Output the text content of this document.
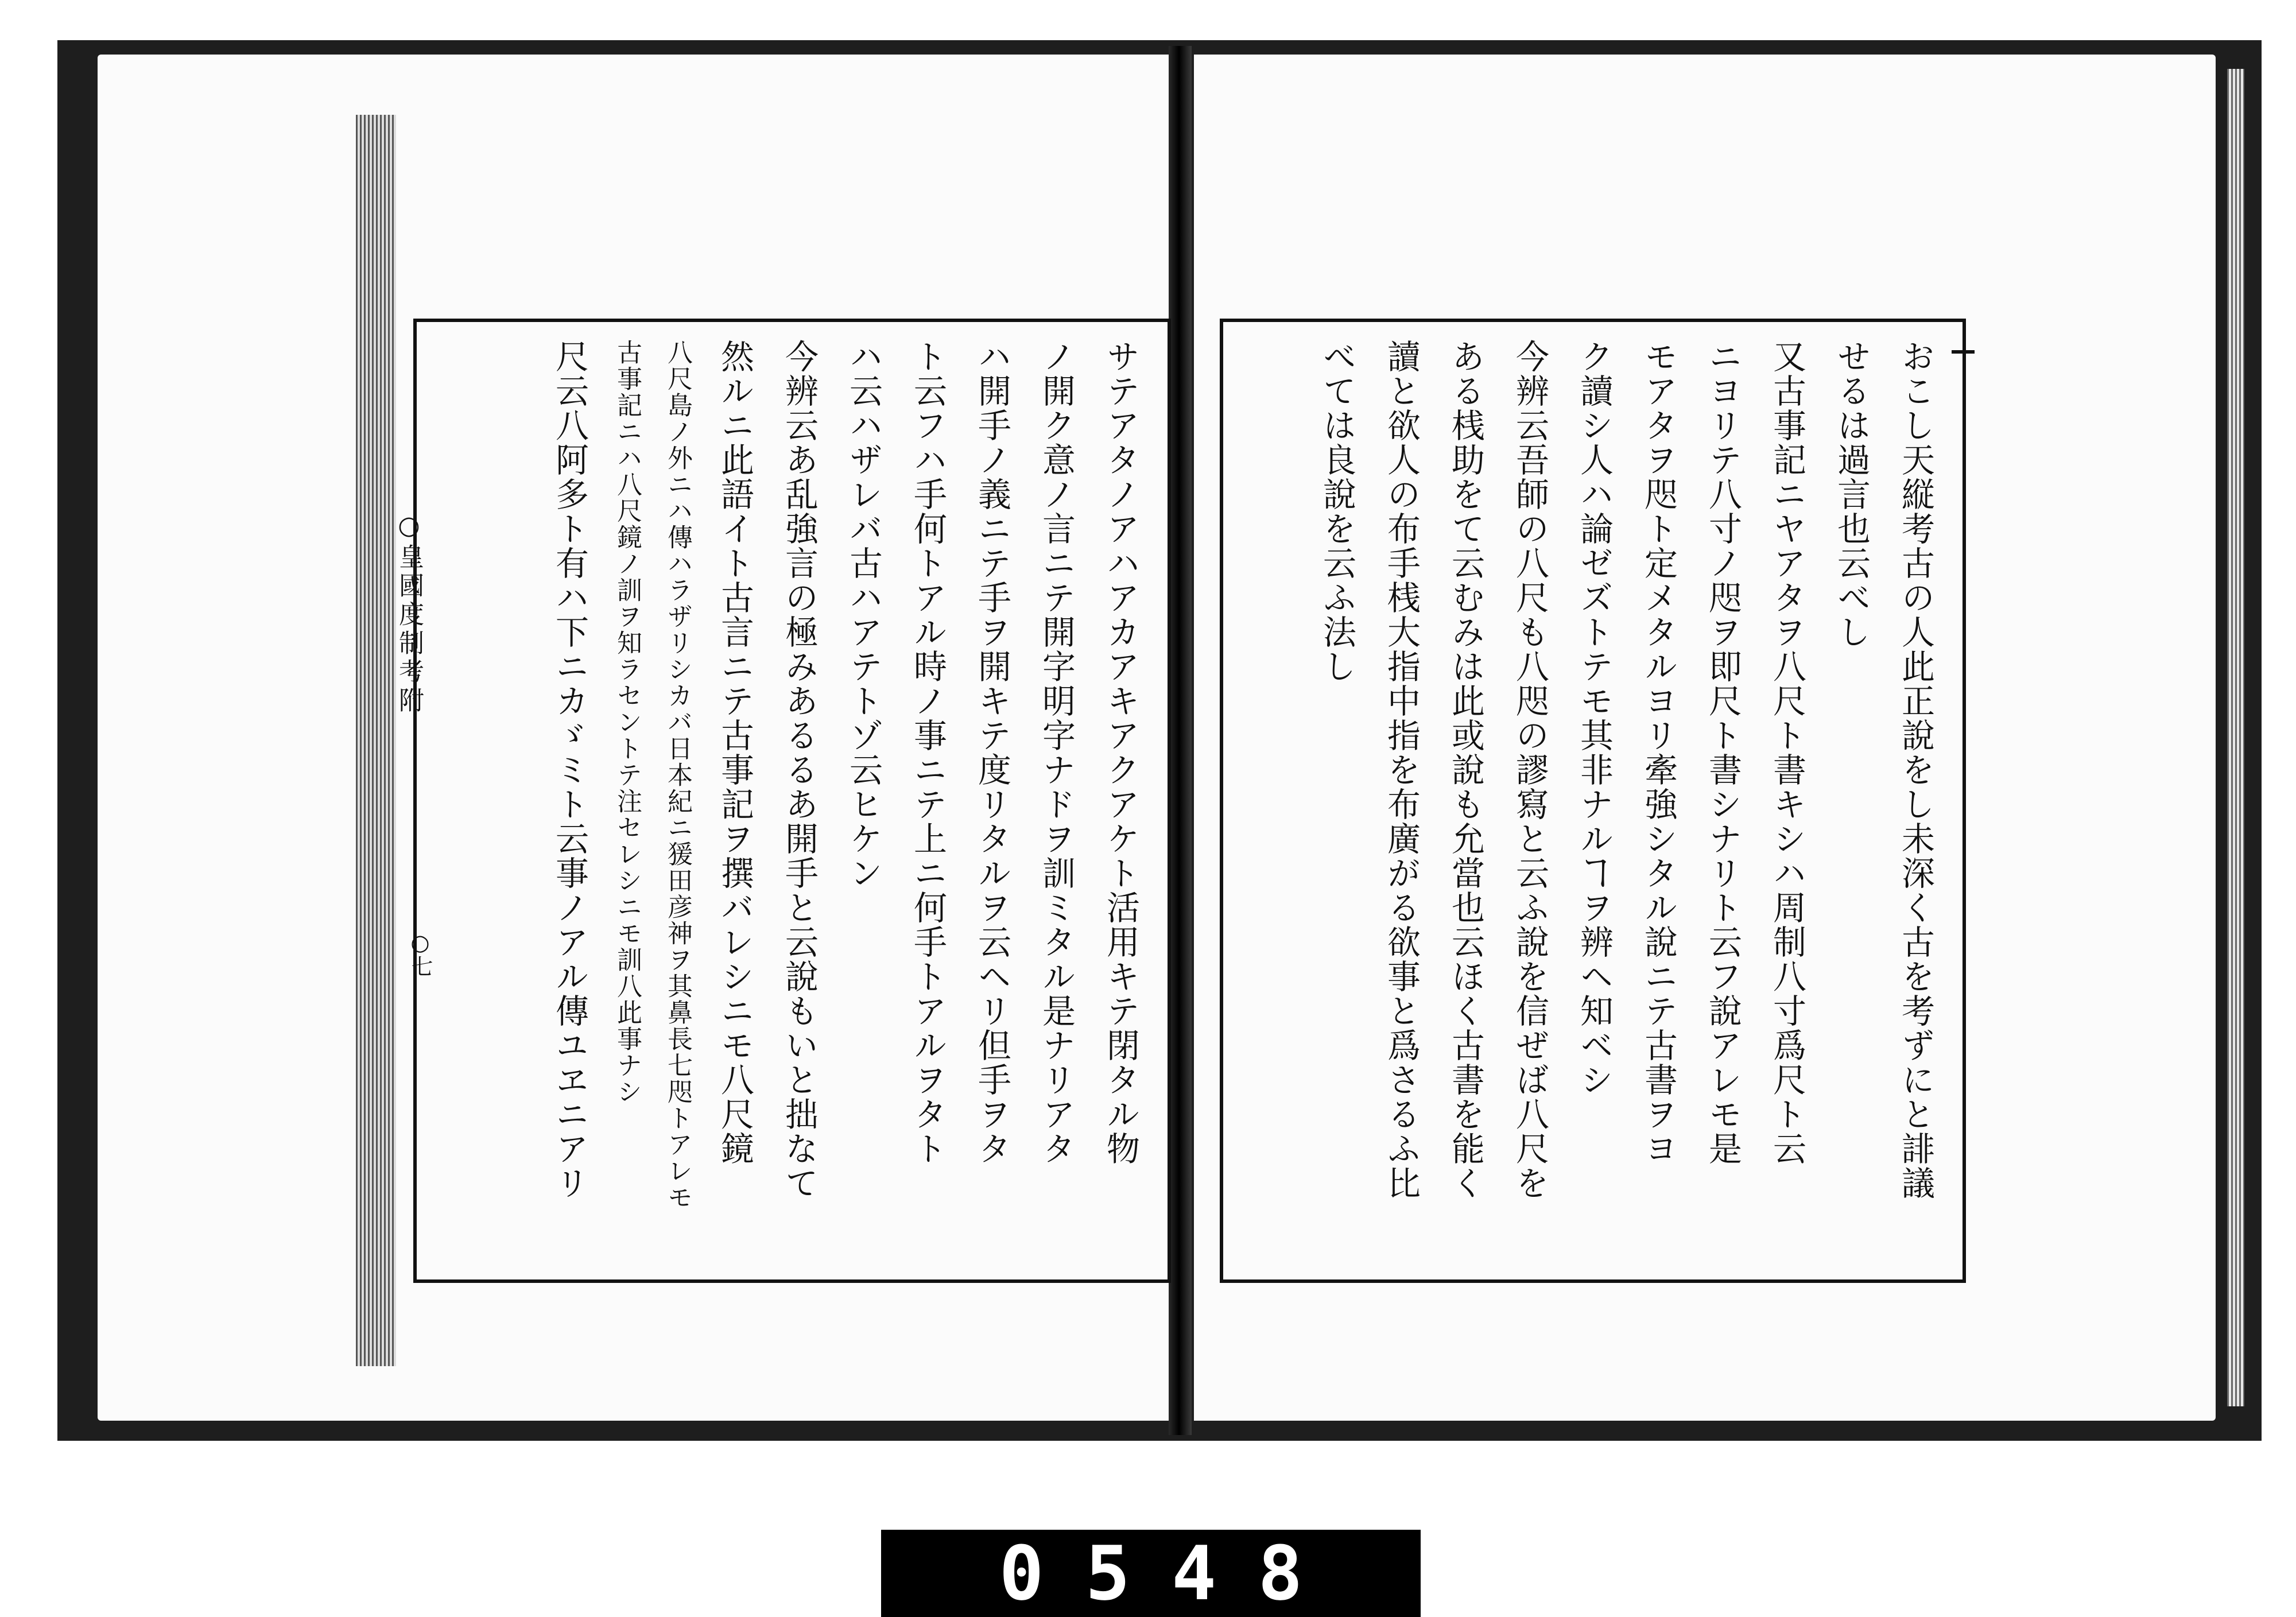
○皇國度制考附
○七	サテアタノアハアカアキアクアケト活用キテ閉タル物

ノ開ク意ノ言ニテ開字明字ナドヲ訓ミタル是ナリアタ

ハ開手ノ義ニテ手ヲ開キテ度リタルヲ云ヘリ但手ヲタ

ト云フハ手何トアル時ノ事ニテ上ニ何手トアルヲタト

ハ云ハザレバ古ハアテトゾ云ヒケン

今辨云あ乱強言の極みあるるあ開手と云說もいと拙なて

然ルニ此語イト古言ニテ古事記ヲ撰バレシニモ八尺鏡

八尺島ノ外ニハ傳ハラザリシカバ日本紀ニ猨田彦神ヲ其鼻長七咫トアレモ

古事記ニハ八尺鏡ノ訓ヲ知ラセントテ注セレシニモ訓八此事ナシ

尺云八阿多ト有ハ下ニカゞミト云事ノアル傳ユヱニアリ	おこし天縦考古の人此正說をし未深く古を考ずにと誹議

せるは過言也云べし

又古事記ニヤアタヲ八尺ト書キシハ周制八寸爲尺ト云

ニヨリテ八寸ノ咫ヲ即尺ト書シナリト云フ說アレモ是

モアタヲ咫ト定メタルヨリ牽強シタル說ニテ古書ヲヨ

ク讀シ人ハ論ゼズトテモ其非ナルヿヲ辨ヘ知ベシ

今辨云吾師の八尺も八咫の謬寫と云ふ說を信ぜば八尺を

ある桟助をて云むみは此或說も允當也云ほく古書を能く

讀と欲人の布手桟大指中指を布廣がる欲事と爲さるふ比

べては良說を云ふ法し

0548
